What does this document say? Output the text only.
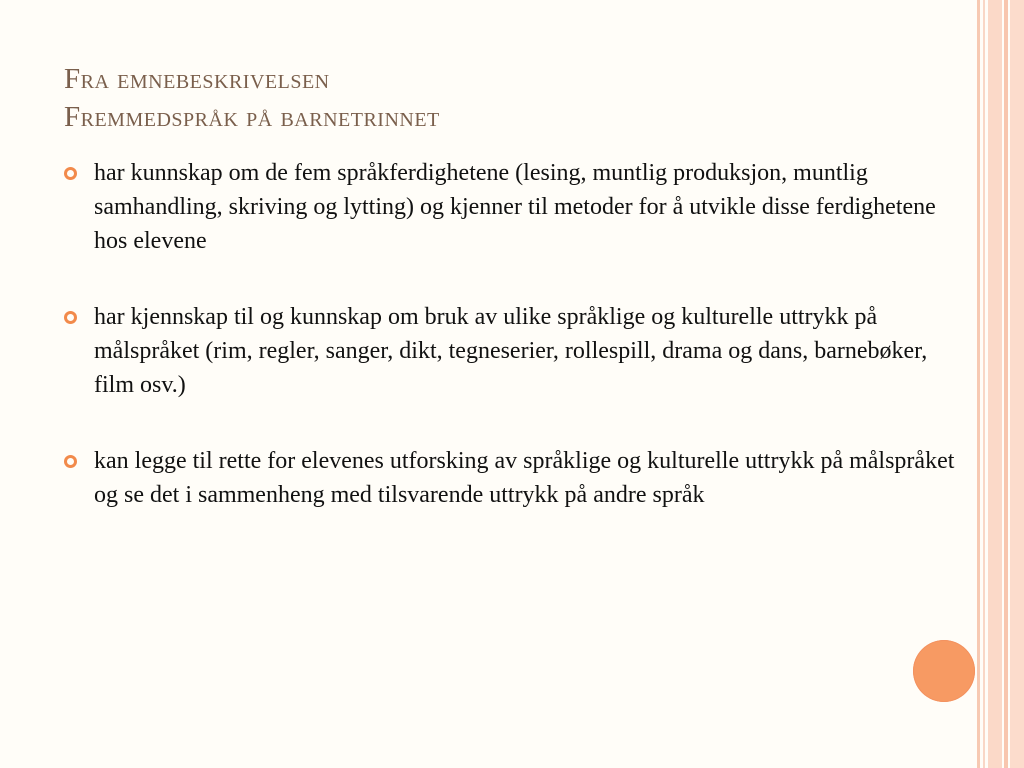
Fra emnebeskrivelsen
Fremmedspråk på barnetrinnet
har kunnskap om de fem språkferdighetene (lesing, muntlig produksjon, muntlig samhandling, skriving og lytting) og kjenner til metoder for å utvikle disse ferdighetene hos elevene
har kjennskap til og kunnskap om bruk av ulike språklige og kulturelle uttrykk på målspråket (rim, regler, sanger, dikt, tegneserier, rollespill, drama og dans, barnebøker, film osv.)
kan legge til rette for elevenes utforsking av språklige og kulturelle uttrykk på målspråket og se det i sammenheng med tilsvarende uttrykk på andre språk
